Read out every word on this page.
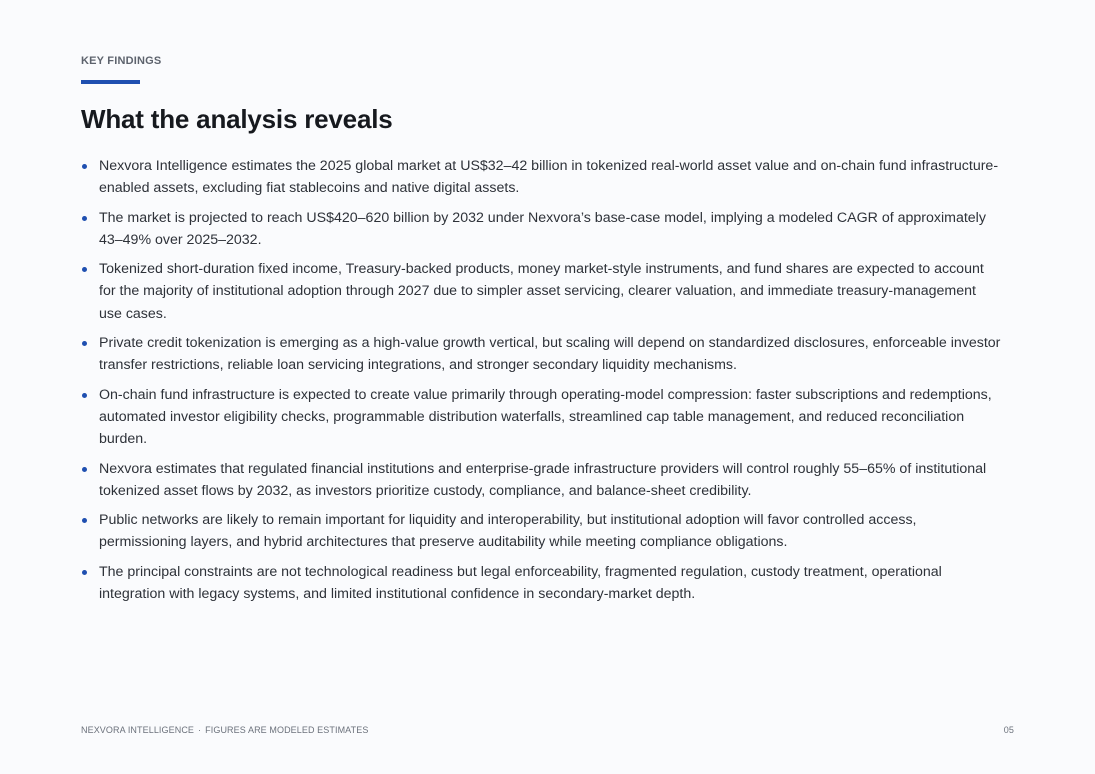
KEY FINDINGS
What the analysis reveals
Nexvora Intelligence estimates the 2025 global market at US$32–42 billion in tokenized real-world asset value and on-chain fund infrastructure-enabled assets, excluding fiat stablecoins and native digital assets.
The market is projected to reach US$420–620 billion by 2032 under Nexvora’s base-case model, implying a modeled CAGR of approximately 43–49% over 2025–2032.
Tokenized short-duration fixed income, Treasury-backed products, money market-style instruments, and fund shares are expected to account for the majority of institutional adoption through 2027 due to simpler asset servicing, clearer valuation, and immediate treasury-management use cases.
Private credit tokenization is emerging as a high-value growth vertical, but scaling will depend on standardized disclosures, enforceable investor transfer restrictions, reliable loan servicing integrations, and stronger secondary liquidity mechanisms.
On-chain fund infrastructure is expected to create value primarily through operating-model compression: faster subscriptions and redemptions, automated investor eligibility checks, programmable distribution waterfalls, streamlined cap table management, and reduced reconciliation burden.
Nexvora estimates that regulated financial institutions and enterprise-grade infrastructure providers will control roughly 55–65% of institutional tokenized asset flows by 2032, as investors prioritize custody, compliance, and balance-sheet credibility.
Public networks are likely to remain important for liquidity and interoperability, but institutional adoption will favor controlled access, permissioning layers, and hybrid architectures that preserve auditability while meeting compliance obligations.
The principal constraints are not technological readiness but legal enforceability, fragmented regulation, custody treatment, operational integration with legacy systems, and limited institutional confidence in secondary-market depth.
NEXVORA INTELLIGENCE · FIGURES ARE MODELED ESTIMATES	05
